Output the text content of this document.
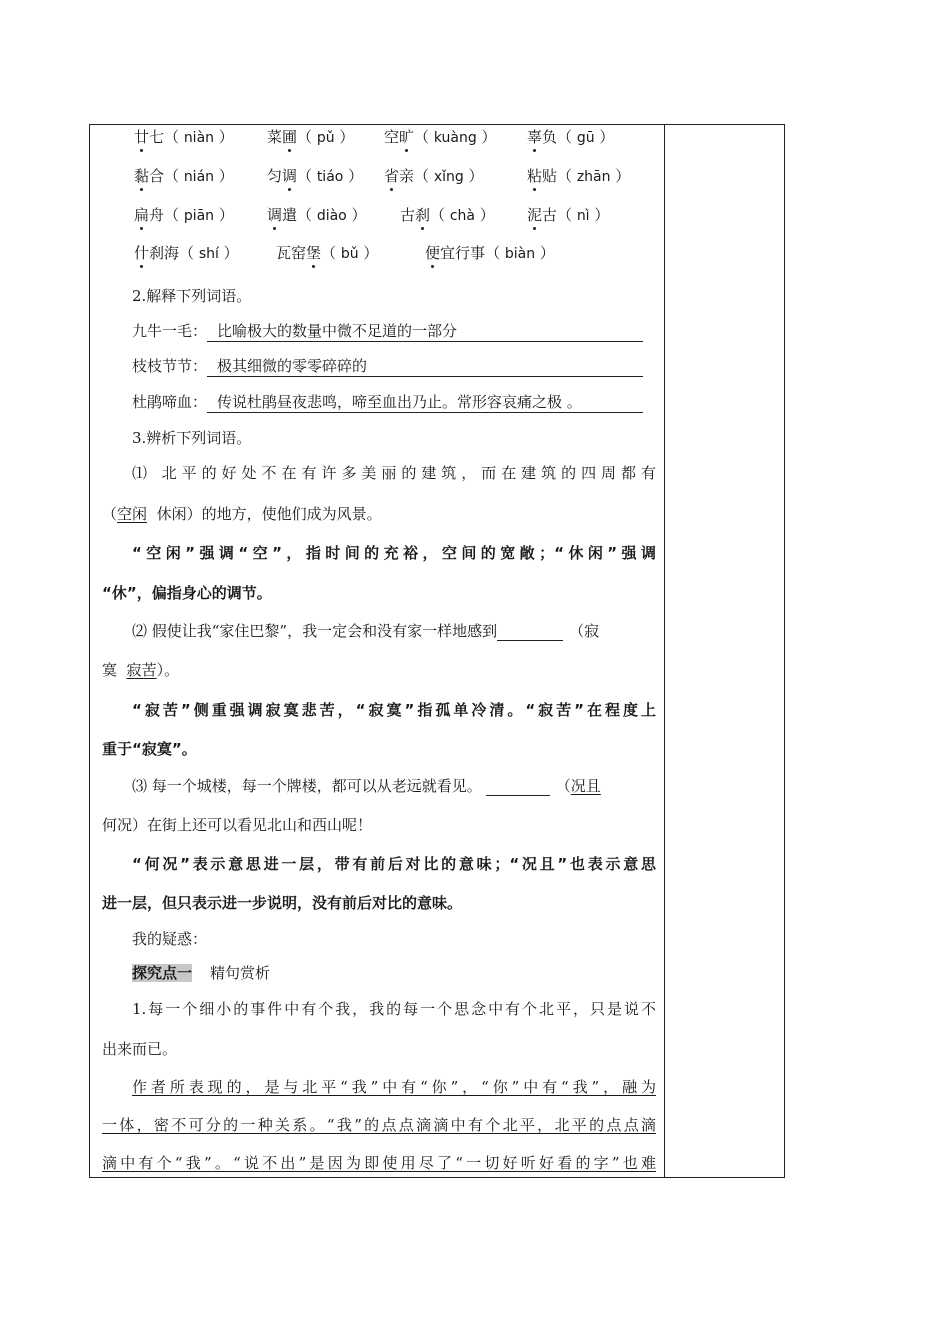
廿七（ niàn ） 菜圃（ pǔ ） 空旷（ kuàng ） 辜负（ gū ）
黏合（ nián ） 匀调（ tiáo ） 省亲（ xǐng ）	粘贴（ zhān ）
扁舟（ piān ） 调遣（ diào ） 古刹（ chà ） 泥古（ nì ）
什刹海（ shí ） 瓦窑堡（ bǔ ）	便宜行事（ biàn ）
2.解释下列词语。
九牛一毛： 比喻极大的数量中微不足道的一部分
枝枝节节： 极其细微的零零碎碎的
杜鹃啼血： 传说杜鹃昼夜悲鸣，啼至血出乃止。常形容哀痛之极 。
3.辨析下列词语。
⑴ 北平的好处不在有许多美丽的建筑，而在建筑的四周都有
（空闲  休闲）的地方，使他们成为风景。
“空闲”强调“空”，指时间的充裕，空间的宽敞；“休闲”强调
“休”，偏指身心的调节。
⑵ 假使让我“家住巴黎”，我一定会和没有家一样地感到	（寂
寞  寂苦）。
“寂苦”侧重强调寂寞悲苦，“寂寞”指孤单冷清。“寂苦”在程度上
重于“寂寞”。
⑶ 每一个城楼，每一个牌楼，都可以从老远就看见。	（况且
何况）在街上还可以看见北山和西山呢！
“何况”表示意思进一层，带有前后对比的意味；“况且”也表示意思
进一层，但只表示进一步说明，没有前后对比的意味。
我的疑惑：
探究点一 精句赏析
1.每一个细小的事件中有个我，我的每一个思念中有个北平，只是说不
出来而已。
作者所表现的，是与北平“我”中有“你”，“你”中有“我”，融为
一体，密不可分的一种关系。“我”的点点滴滴中有个北平，北平的点点滴
滴中有个“我”。“说不出”是因为即使用尽了“一切好听好看的字”也难
